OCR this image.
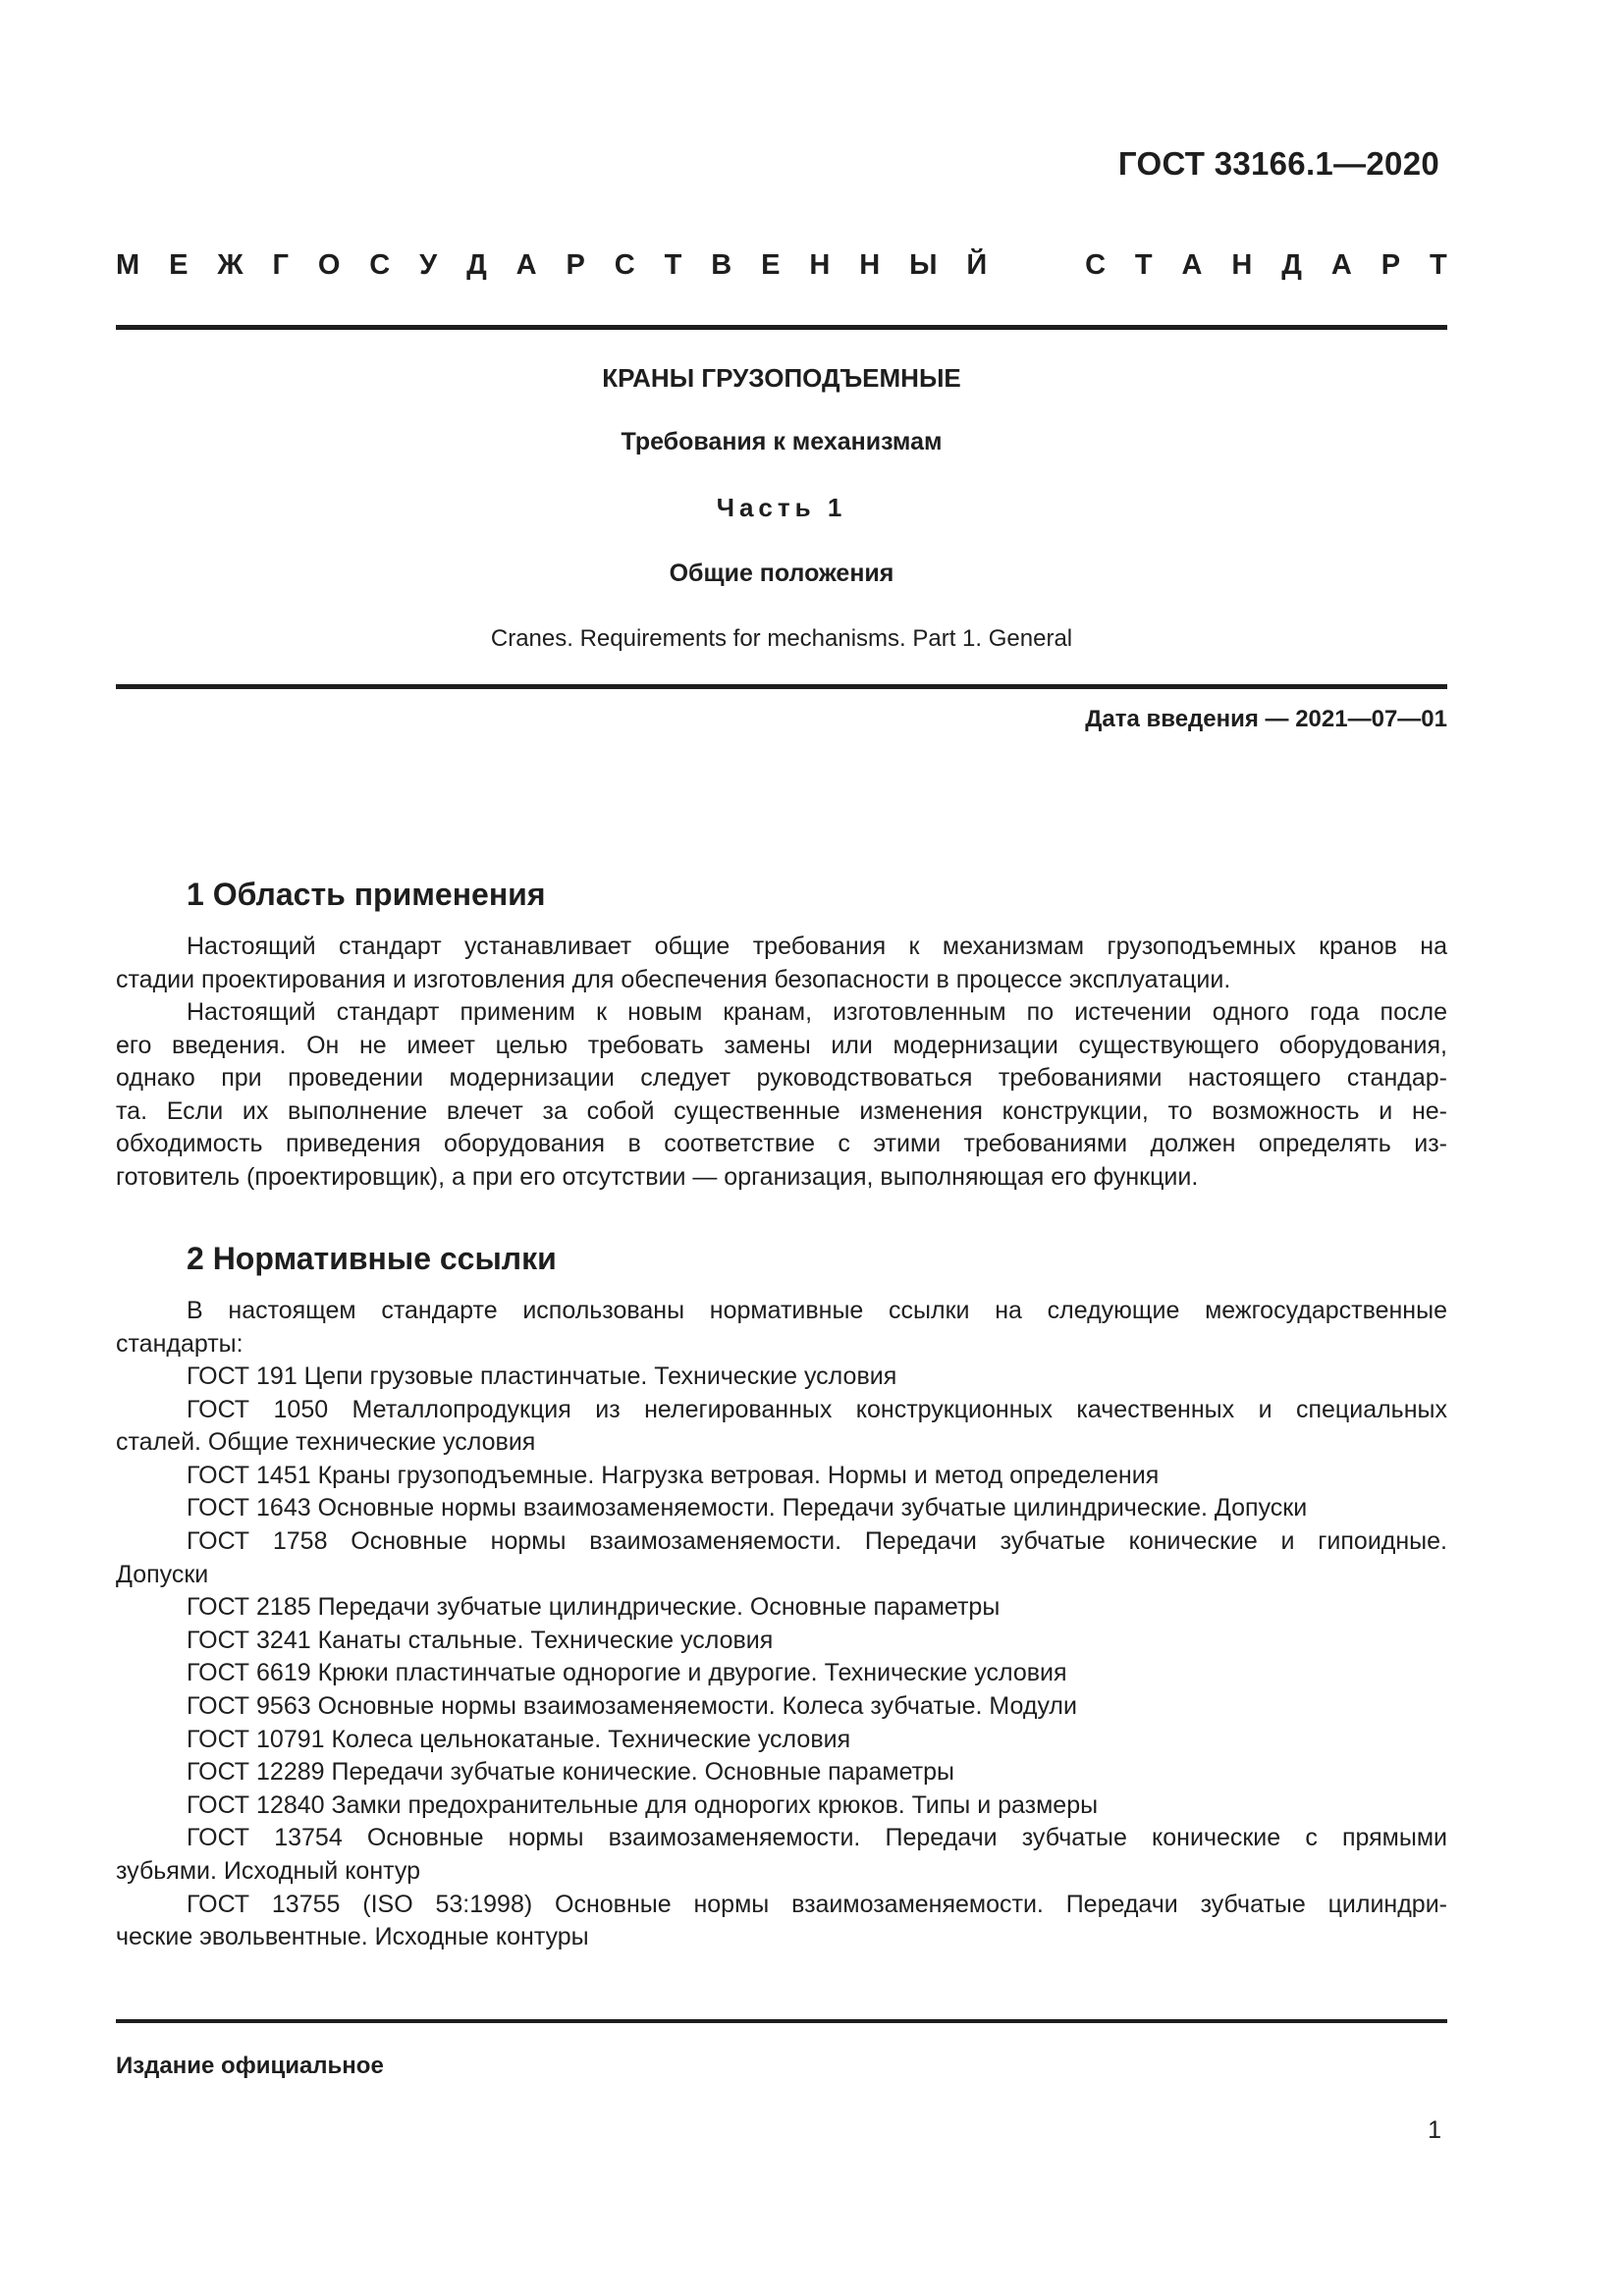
ГОСТ 33166.1—2020
М Е Ж Г О С У Д А Р С Т В Е Н Н Ы Й	С Т А Н Д А Р Т
КРАНЫ ГРУЗОПОДЪЕМНЫЕ
Требования к механизмам
Часть 1
Общие положения
Cranes. Requirements for mechanisms. Part 1. General
Дата введения — 2021—07—01
1 Область применения
Настоящий стандарт устанавливает общие требования к механизмам грузоподъемных кранов на
стадии проектирования и изготовления для обеспечения безопасности в процессе эксплуатации.
Настоящий стандарт применим к новым кранам, изготовленным по истечении одного года после
его введения. Он не имеет целью требовать замены или модернизации существующего оборудования,
однако при проведении модернизации следует руководствоваться требованиями настоящего стандар-
та. Если их выполнение влечет за собой существенные изменения конструкции, то возможность и не-
обходимость приведения оборудования в соответствие с этими требованиями должен определять из-
готовитель (проектировщик), а при его отсутствии — организация, выполняющая его функции.
2 Нормативные ссылки
В настоящем стандарте использованы нормативные ссылки на следующие межгосударственные
стандарты:
ГОСТ 191 Цепи грузовые пластинчатые. Технические условия
ГОСТ 1050 Металлопродукция из нелегированных конструкционных качественных и специальных
сталей. Общие технические условия
ГОСТ 1451 Краны грузоподъемные. Нагрузка ветровая. Нормы и метод определения
ГОСТ 1643 Основные нормы взаимозаменяемости. Передачи зубчатые цилиндрические. Допуски
ГОСТ 1758 Основные нормы взаимозаменяемости. Передачи зубчатые конические и гипоидные.
Допуски
ГОСТ 2185 Передачи зубчатые цилиндрические. Основные параметры
ГОСТ 3241 Канаты стальные. Технические условия
ГОСТ 6619 Крюки пластинчатые однорогие и двурогие. Технические условия
ГОСТ 9563 Основные нормы взаимозаменяемости. Колеса зубчатые. Модули
ГОСТ 10791 Колеса цельнокатаные. Технические условия
ГОСТ 12289 Передачи зубчатые конические. Основные параметры
ГОСТ 12840 Замки предохранительные для однорогих крюков. Типы и размеры
ГОСТ 13754 Основные нормы взаимозаменяемости. Передачи зубчатые конические с прямыми
зубьями. Исходный контур
ГОСТ 13755 (ISO 53:1998) Основные нормы взаимозаменяемости. Передачи зубчатые цилиндри-
ческие эвольвентные. Исходные контуры
Издание официальное
1
